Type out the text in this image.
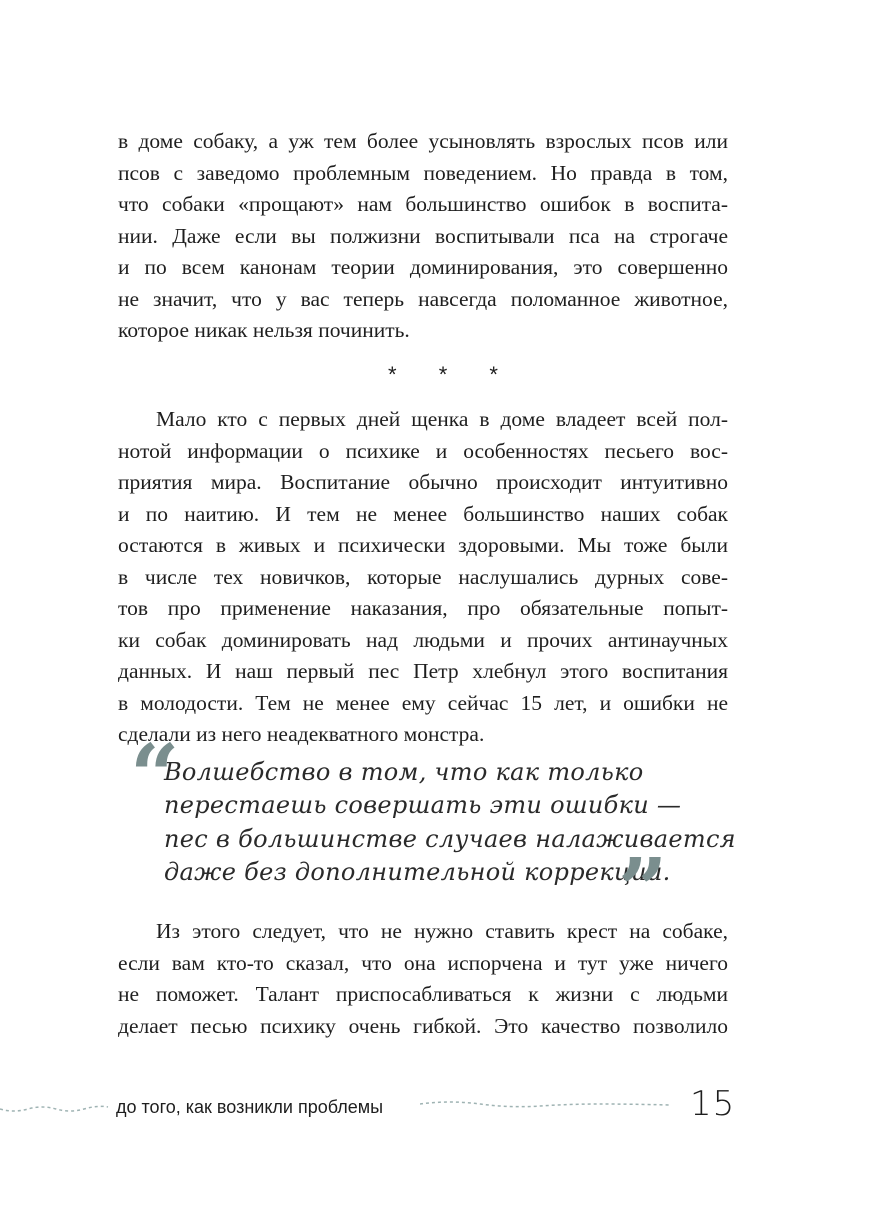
в доме собаку, а уж тем более усыновлять взрослых псов или
псов с заведомо проблемным поведением. Но правда в том,
что собаки «прощают» нам большинство ошибок в воспита-
нии. Даже если вы полжизни воспитывали пса на строгаче
и по всем канонам теории доминирования, это совершенно
не значит, что у вас теперь навсегда поломанное животное,
которое никак нельзя починить.
* * *
Мало кто с первых дней щенка в доме владеет всей пол-
нотой информации о психике и особенностях песьего вос-
приятия мира. Воспитание обычно происходит интуитивно
и по наитию. И тем не менее большинство наших собак
остаются в живых и психически здоровыми. Мы тоже были
в числе тех новичков, которые наслушались дурных сове-
тов про применение наказания, про обязательные попыт-
ки собак доминировать над людьми и прочих антинаучных
данных. И наш первый пес Петр хлебнул этого воспитания
в молодости. Тем не менее ему сейчас 15 лет, и ошибки не
сделали из него неадекватного монстра.
“
Волшебство в том, что как только
перестаешь совершать эти ошибки —
пес в большинстве случаев налаживается
даже без дополнительной коррекции.
”
Из этого следует, что не нужно ставить крест на собаке,
если вам кто-то сказал, что она испорчена и тут уже ничего
не поможет. Талант приспосабливаться к жизни с людьми
делает песью психику очень гибкой. Это качество позволило
до того, как возникли проблемы	15
